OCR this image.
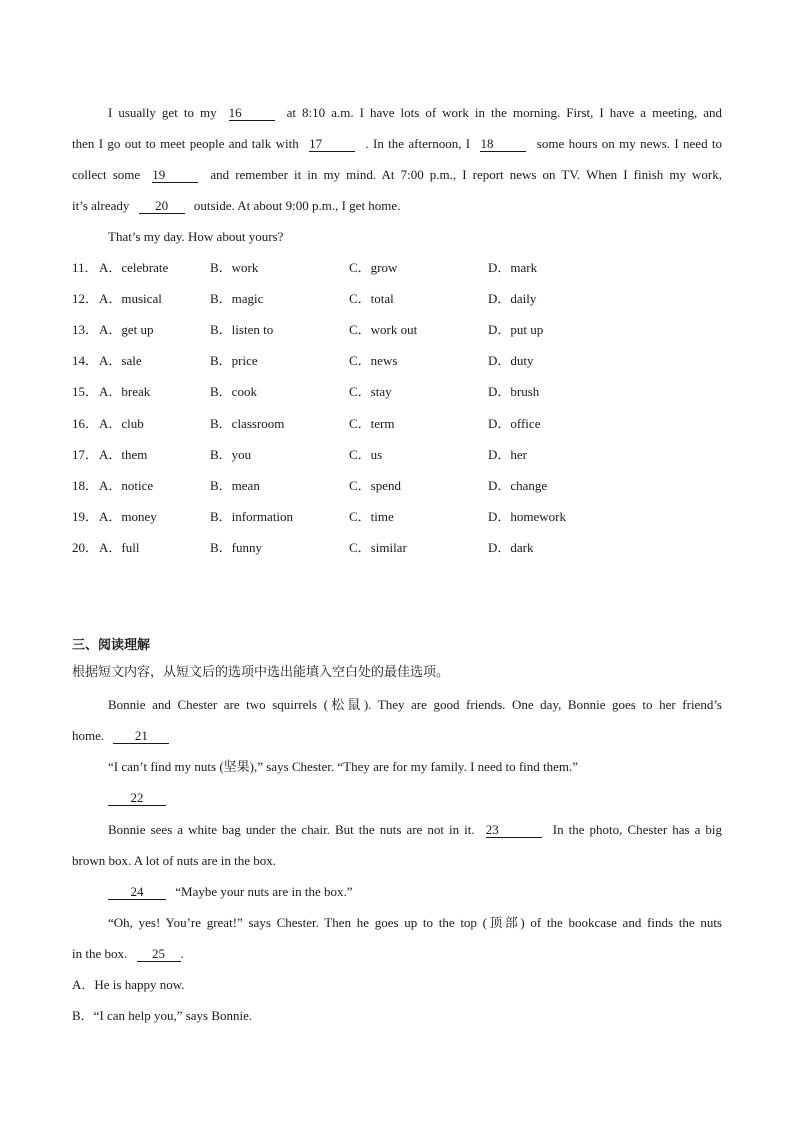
I usually get to my 16	at 8:10 a.m. I have lots of work in the morning. First, I have a meeting, and
then I go out to meet people and talk with 17	. In the afternoon, I 18	some hours on my news. I need to
collect some 19	and remember it in my mind. At 7:00 p.m., I report news on TV. When I finish my work,
it’s already 20 outside. At about 9:00 p.m., I get home.
That’s my day. How about yours?
11． A．celebrate	B．work	C．grow	D．mark
12． A．musical	B．magic	C．total	D．daily
13． A．get up	B．listen to	C．work out	D．put up
14． A．sale	B．price	C．news	D．duty
15． A．break	B．cook	C．stay	D．brush
16． A．club	B．classroom	C．term	D．office
17． A．them	B．you	C．us	D．her
18． A．notice	B．mean	C．spend	D．change
19． A．money	B．information	C．time	D．homework
20． A．full	B．funny	C．similar	D．dark
三、阅读理解
根据短文内容，从短文后的选项中选出能填入空白处的最佳选项。
Bonnie and Chester are two squirrels (松鼠). They are good friends. One day, Bonnie goes to her friend’s
home. 21
“I can’t find my nuts (坚果),” says Chester. “They are for my family. I need to find them.”
22
Bonnie sees a white bag under the chair. But the nuts are not in it. 23	In the photo, Chester has a big
brown box. A lot of nuts are in the box.
24 “Maybe your nuts are in the box.”
“Oh, yes! You’re great!” says Chester. Then he goes up to the top (顶部) of the bookcase and finds the nuts
in the box. 25 .
A．He is happy now.
B．“I can help you,” says Bonnie.
